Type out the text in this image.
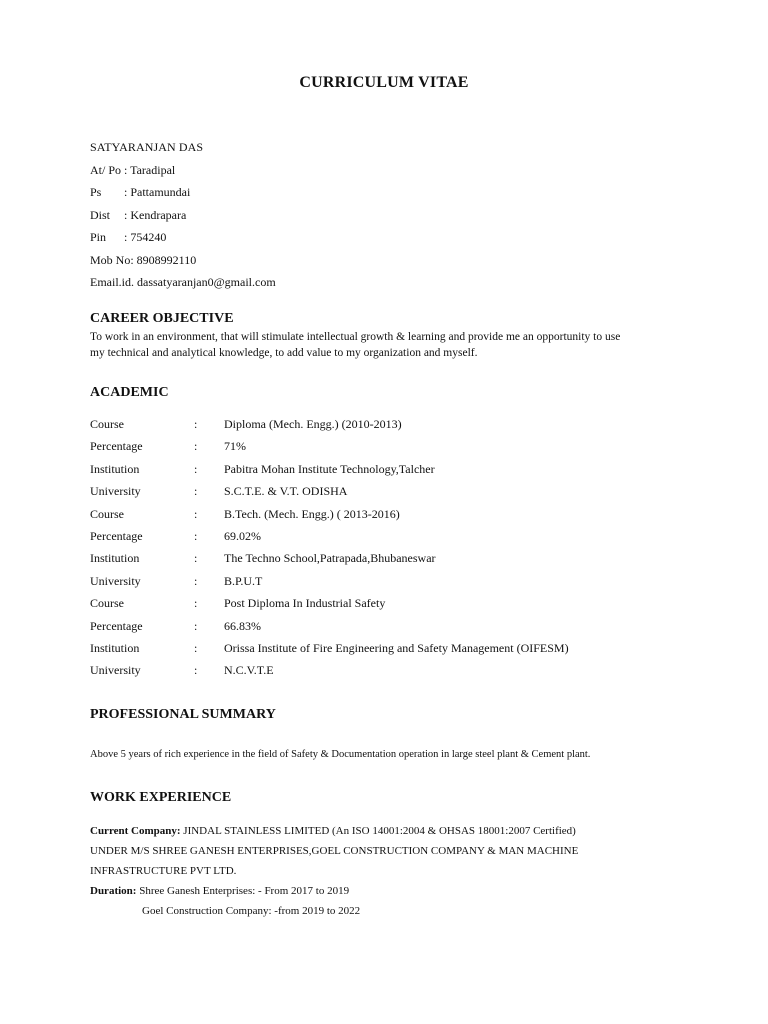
CURRICULUM VITAE
SATYARANJAN DAS
At/ Po : Taradipal
Ps : Pattamundai
Dist : Kendrapara
Pin : 754240
Mob No: 8908992110
Email.id. dassatyaranjan0@gmail.com
CAREER OBJECTIVE
To work in an environment, that will stimulate intellectual growth & learning and provide me an opportunity to use
my technical and analytical knowledge, to add value to my organization and myself.
ACADEMIC
Course	: Diploma (Mech. Engg.) (2010-2013)
Percentage	: 71%
Institution	: Pabitra Mohan Institute Technology,Talcher
University	: S.C.T.E. & V.T. ODISHA
Course	: B.Tech. (Mech. Engg.) ( 2013-2016)
Percentage	: 69.02%
Institution	: The Techno School,Patrapada,Bhubaneswar
University	: B.P.U.T
Course	: Post Diploma In Industrial Safety
Percentage	: 66.83%
Institution	: Orissa Institute of Fire Engineering and Safety Management (OIFESM)
University	: N.C.V.T.E
PROFESSIONAL SUMMARY
Above 5 years of rich experience in the field of Safety & Documentation operation in large steel plant & Cement plant.
WORK EXPERIENCE
Current Company: JINDAL STAINLESS LIMITED (An ISO 14001:2004 & OHSAS 18001:2007 Certified)
UNDER M/S SHREE GANESH ENTERPRISES,GOEL CONSTRUCTION COMPANY & MAN MACHINE
INFRASTRUCTURE PVT LTD.
Duration: Shree Ganesh Enterprises: - From 2017 to 2019
Goel Construction Company: -from 2019 to 2022
